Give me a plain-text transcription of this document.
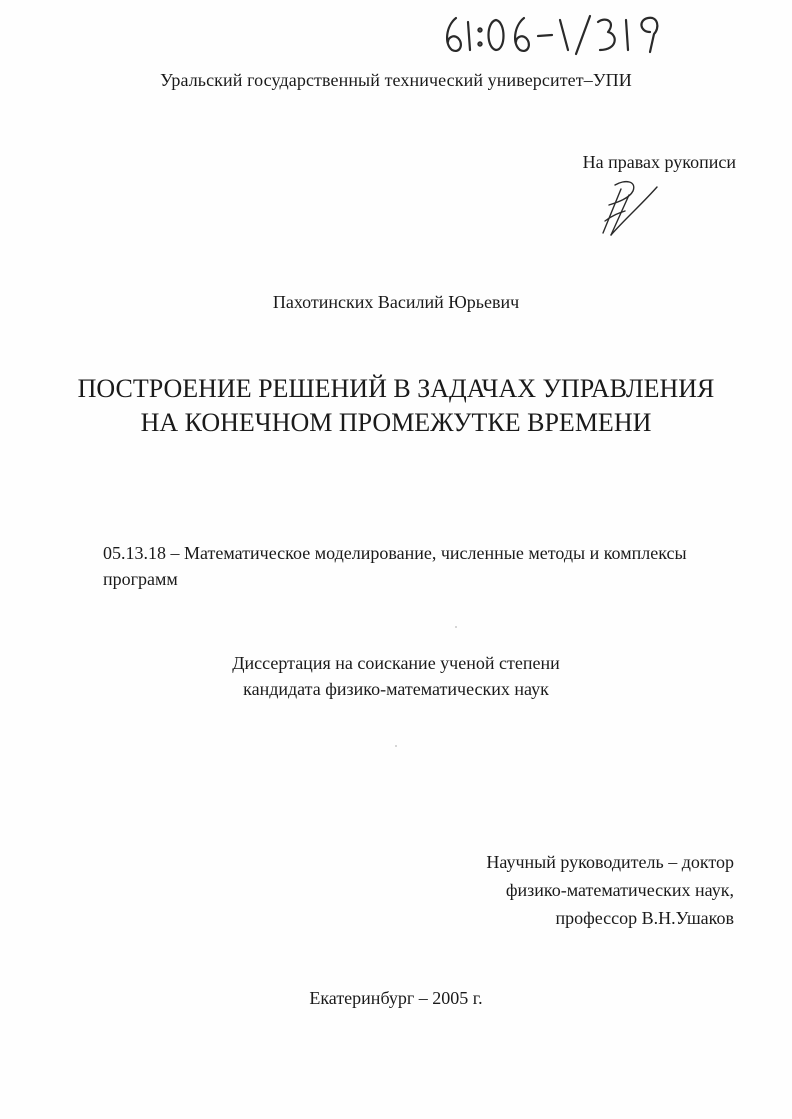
Уральский государственный технический университет–УПИ
На правах рукописи
Пахотинских Василий Юрьевич
ПОСТРОЕНИЕ РЕШЕНИЙ В ЗАДАЧАХ УПРАВЛЕНИЯ
НА КОНЕЧНОМ ПРОМЕЖУТКЕ ВРЕМЕНИ
05.13.18 – Математическое моделирование, численные методы и комплексы
программ
Диссертация на соискание ученой степени
кандидата физико-математических наук
Научный руководитель – доктор
физико-математических наук,
профессор В.Н.Ушаков
Екатеринбург – 2005 г.
